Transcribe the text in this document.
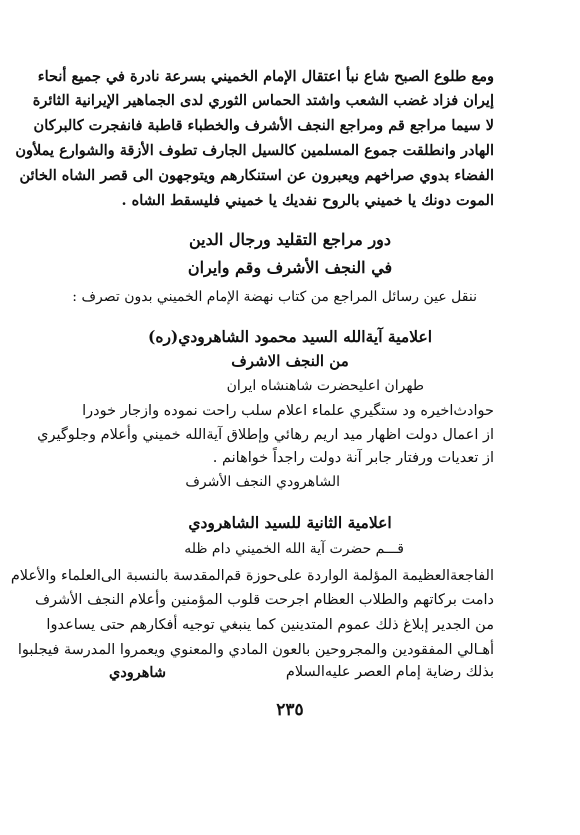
ومع طلوع الصبح شاع نبأ اعتقال الإمام الخميني بسرعة نادرة في جميع أنحاء
إيران فزاد غضب الشعب واشتد الحماس الثوري لدى الجماهير الإيرانية الثائرة
لا سيما مراجع قم ومراجع النجف الأشرف والخطباء قاطبة فانفجرت كالبركان
الهادر وانطلقت جموع المسلمين كالسيل الجارف تطوف الأزقة والشوارع يملأون
الفضاء بدوي صراخهم ويعبرون عن استنكارهم ويتوجهون الى قصر الشاه الخائن
الموت دونك يا خميني بالروح نفديك يا خميني فليسقط الشاه .
دور مراجع التقليد ورجال الدين
في النجف الأشرف وقم وايران
ننقل عين رسائل المراجع من كتاب نهضة الإمام الخميني بدون تصرف :
اعلامية آية‌الله السيد محمود الشاهرودي(ره)
من النجف الاشرف
طهران اعليحضرت شاهنشاه ايران
حوادث‌اخيره ود ستگيري علماء اعلام سلب راحت نموده وازجار خودرا
از اعمال دولت اظهار ميد اريم رهائي وإطلاق آية‌الله خميني وأعلام وجلوگيري
از تعديات ورفتار جابر آنة دولت راجداً خواهانم .
الشاهرودي النجف الأشرف
اعلامية الثانية للسيد الشاهرودي
قـــم حضرت آية الله الخميني دام ظله
الفاجعة‌العظيمة المؤلمة الواردة على‌حوزة قم‌المقدسة بالنسبة الى‌العلماء والأعلام
دامت بركاتهم والطلاب العظام اجرحت قلوب المؤمنين وأعلام النجف الأشرف
من الجدير إبلاغ ذلك عموم المتدينين كما ينبغي توجيه أفكارهم حتى يساعدوا
أهـالي المفقودين والمجروحين بالعون المادي والمعنوي ويعمروا المدرسة فيجلبوا
بذلك رضاية إمام العصر عليه‌السلام
شاهرودي
٢٣٥
